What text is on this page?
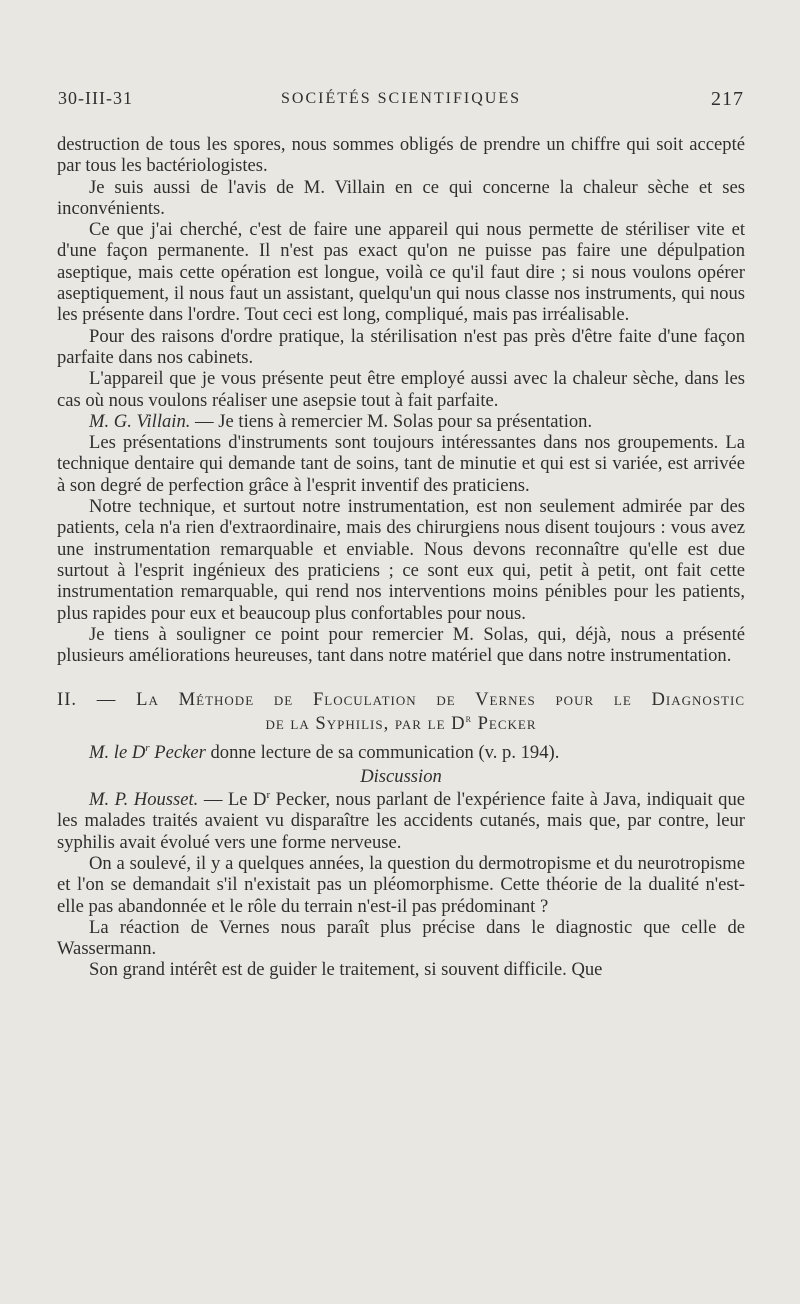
30-III-31	SOCIÉTÉS SCIENTIFIQUES	217

destruction de tous les spores, nous sommes obligés de prendre un chiffre qui soit accepté par tous les bactériologistes.

Je suis aussi de l'avis de M. Villain en ce qui concerne la chaleur sèche et ses inconvénients.

Ce que j'ai cherché, c'est de faire une appareil qui nous permette de stériliser vite et d'une façon permanente. Il n'est pas exact qu'on ne puisse pas faire une dépulpation aseptique, mais cette opération est longue, voilà ce qu'il faut dire ; si nous voulons opérer aseptiquement, il nous faut un assistant, quelqu'un qui nous classe nos instruments, qui nous les présente dans l'ordre. Tout ceci est long, compliqué, mais pas irréalisable.

Pour des raisons d'ordre pratique, la stérilisation n'est pas près d'être faite d'une façon parfaite dans nos cabinets.

L'appareil que je vous présente peut être employé aussi avec la chaleur sèche, dans les cas où nous voulons réaliser une asepsie tout à fait parfaite.

M. G. Villain. — Je tiens à remercier M. Solas pour sa présentation.

Les présentations d'instruments sont toujours intéressantes dans nos groupements. La technique dentaire qui demande tant de soins, tant de minutie et qui est si variée, est arrivée à son degré de perfection grâce à l'esprit inventif des praticiens.

Notre technique, et surtout notre instrumentation, est non seulement admirée par des patients, cela n'a rien d'extraordinaire, mais des chirurgiens nous disent toujours : vous avez une instrumentation remarquable et enviable. Nous devons reconnaître qu'elle est due surtout à l'esprit ingénieux des praticiens ; ce sont eux qui, petit à petit, ont fait cette instrumentation remarquable, qui rend nos interventions moins pénibles pour les patients, plus rapides pour eux et beaucoup plus confortables pour nous.

Je tiens à souligner ce point pour remercier M. Solas, qui, déjà, nous a présenté plusieurs améliorations heureuses, tant dans notre matériel que dans notre instrumentation.

II. — La Méthode de Floculation de Vernes pour le Diagnostic
de la Syphilis, par le $D^r$ Pecker

M. le $D^r$ Pecker donne lecture de sa communication (v. p. 194).

Discussion

M. P. Housset. — Le $D^r$ Pecker, nous parlant de l'expérience faite à Java, indiquait que les malades traités avaient vu disparaître les accidents cutanés, mais que, par contre, leur syphilis avait évolué vers une forme nerveuse.

On a soulevé, il y a quelques années, la question du dermotropisme et du neurotropisme et l'on se demandait s'il n'existait pas un pléomorphisme. Cette théorie de la dualité n'est-elle pas abandonnée et le rôle du terrain n'est-il pas prédominant ?

La réaction de Vernes nous paraît plus précise dans le diagnostic que celle de Wassermann.

Son grand intérêt est de guider le traitement, si souvent difficile. Que
